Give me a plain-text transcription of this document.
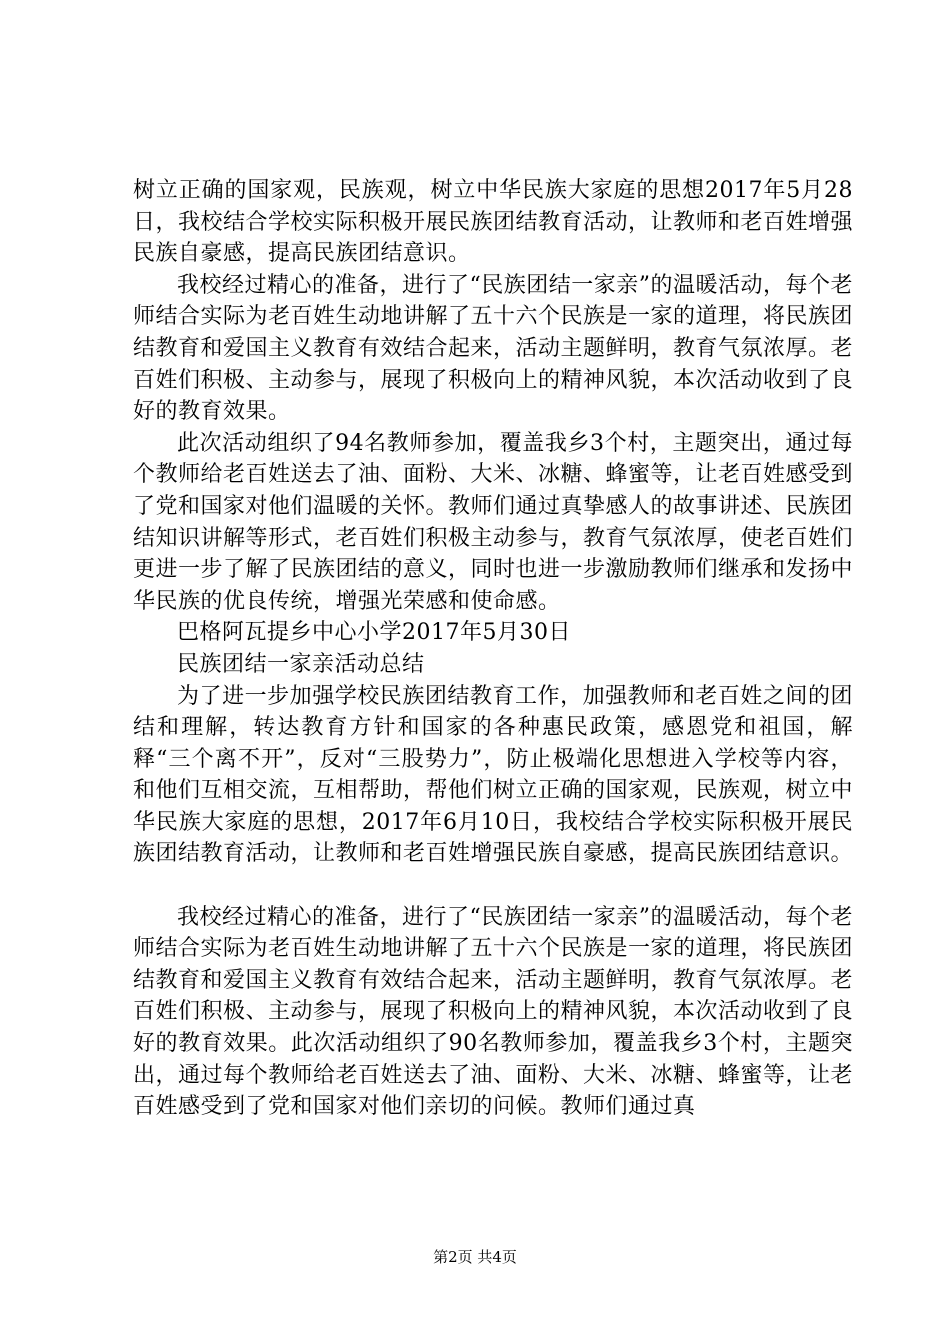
树立正确的国家观，民族观，树立中华民族大家庭的思想2017年5月28日，我校结合学校实际积极开展民族团结教育活动，让教师和老百姓增强民族自豪感，提高民族团结意识。

我校经过精心的准备，进行了“民族团结一家亲”的温暖活动，每个老师结合实际为老百姓生动地讲解了五十六个民族是一家的道理，将民族团结教育和爱国主义教育有效结合起来，活动主题鲜明，教育气氛浓厚。老百姓们积极、主动参与，展现了积极向上的精神风貌，本次活动收到了良好的教育效果。

此次活动组织了94名教师参加，覆盖我乡3个村，主题突出，通过每个教师给老百姓送去了油、面粉、大米、冰糖、蜂蜜等，让老百姓感受到了党和国家对他们温暖的关怀。教师们通过真挚感人的故事讲述、民族团结知识讲解等形式，老百姓们积极主动参与，教育气氛浓厚，使老百姓们更进一步了解了民族团结的意义，同时也进一步激励教师们继承和发扬中华民族的优良传统，增强光荣感和使命感。

巴格阿瓦提乡中心小学2017年5月30日

民族团结一家亲活动总结

为了进一步加强学校民族团结教育工作，加强教师和老百姓之间的团结和理解，转达教育方针和国家的各种惠民政策，感恩党和祖国，解释“三个离不开”，反对“三股势力”，防止极端化思想进入学校等内容，和他们互相交流，互相帮助，帮他们树立正确的国家观，民族观，树立中华民族大家庭的思想，2017年6月10日，我校结合学校实际积极开展民族团结教育活动，让教师和老百姓增强民族自豪感，提高民族团结意识。

我校经过精心的准备，进行了“民族团结一家亲”的温暖活动，每个老师结合实际为老百姓生动地讲解了五十六个民族是一家的道理，将民族团结教育和爱国主义教育有效结合起来，活动主题鲜明，教育气氛浓厚。老百姓们积极、主动参与，展现了积极向上的精神风貌，本次活动收到了良好的教育效果。此次活动组织了90名教师参加，覆盖我乡3个村，主题突出，通过每个教师给老百姓送去了油、面粉、大米、冰糖、蜂蜜等，让老百姓感受到了党和国家对他们亲切的问候。教师们通过真

第2页 共4页
